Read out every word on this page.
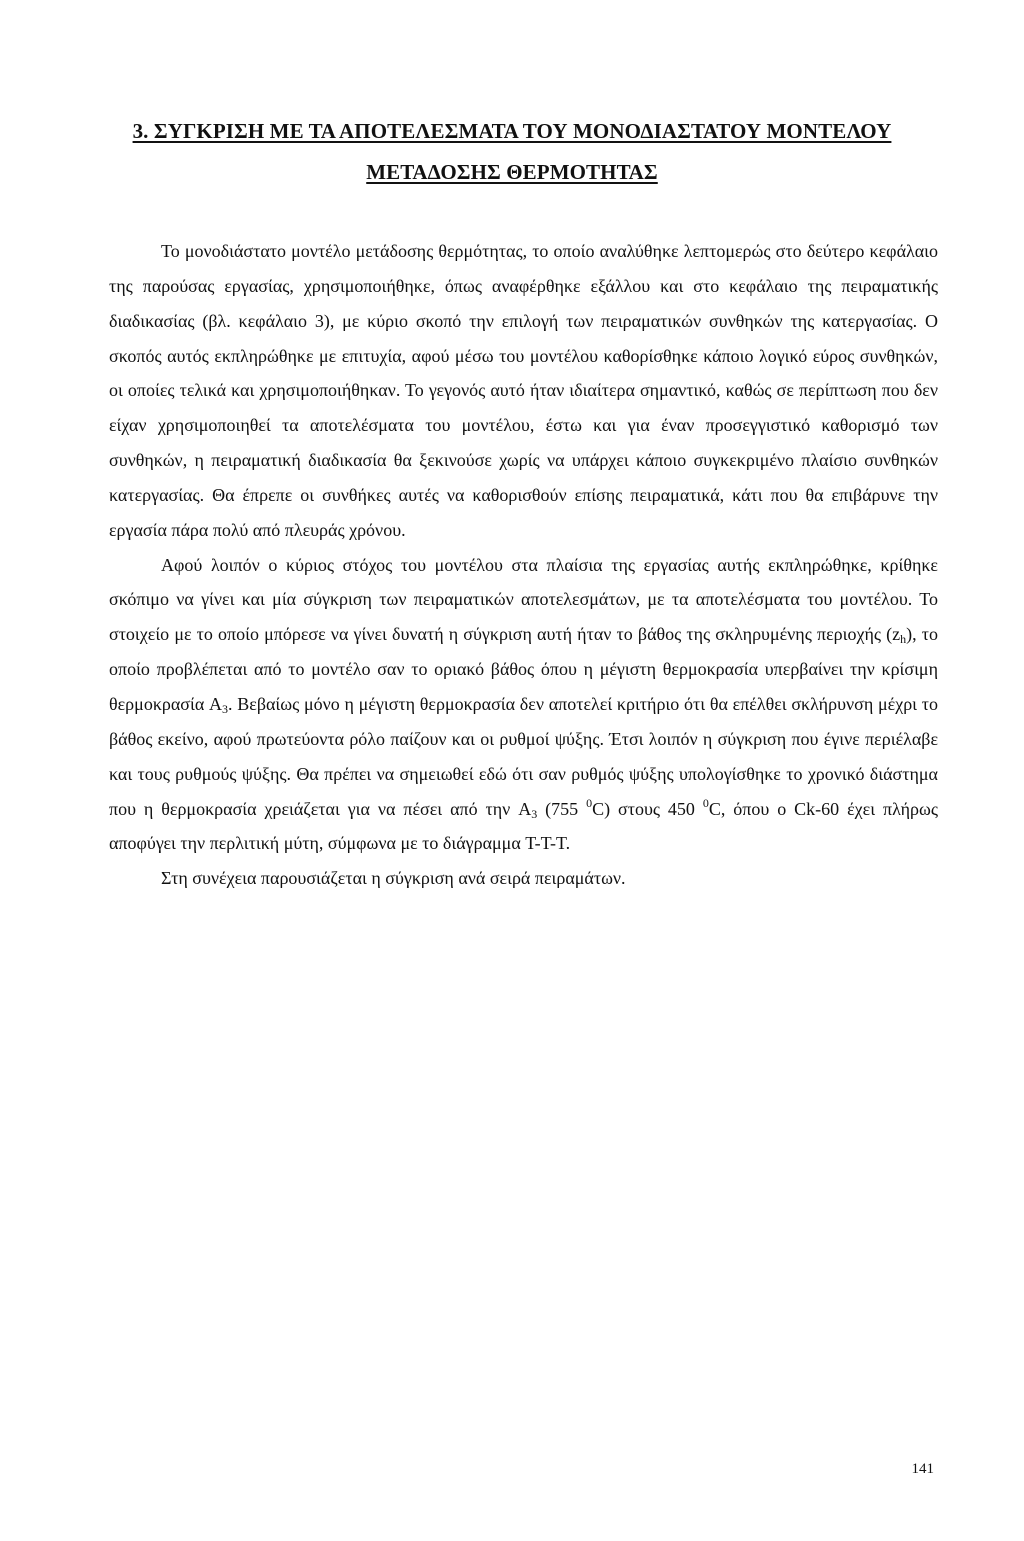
3. ΣΥΓΚΡΙΣΗ ΜΕ ΤΑ ΑΠΟΤΕΛΕΣΜΑΤΑ ΤΟΥ ΜΟΝΟΔΙΑΣΤΑΤΟΥ ΜΟΝΤΕΛΟΥ
ΜΕΤΑΔΟΣΗΣ ΘΕΡΜΟΤΗΤΑΣ

Το μονοδιάστατο μοντέλο μετάδοσης θερμότητας, το οποίο αναλύθηκε λεπτομερώς στο δεύτερο κεφάλαιο της παρούσας εργασίας, χρησιμοποιήθηκε, όπως αναφέρθηκε εξάλλου και στο κεφάλαιο της πειραματικής διαδικασίας (βλ. κεφάλαιο 3), με κύριο σκοπό την επιλογή των πειραματικών συνθηκών της κατεργασίας. Ο σκοπός αυτός εκπληρώθηκε με επιτυχία, αφού μέσω του μοντέλου καθορίσθηκε κάποιο λογικό εύρος συνθηκών, οι οποίες τελικά και χρησιμοποιήθηκαν. Το γεγονός αυτό ήταν ιδιαίτερα σημαντικό, καθώς σε περίπτωση που δεν είχαν χρησιμοποιηθεί τα αποτελέσματα του μοντέλου, έστω και για έναν προσεγγιστικό καθορισμό των συνθηκών, η πειραματική διαδικασία θα ξεκινούσε χωρίς να υπάρχει κάποιο συγκεκριμένο πλαίσιο συνθηκών κατεργασίας. Θα έπρεπε οι συνθήκες αυτές να καθορισθούν επίσης πειραματικά, κάτι που θα επιβάρυνε την εργασία πάρα πολύ από πλευράς χρόνου.

Αφού λοιπόν ο κύριος στόχος του μοντέλου στα πλαίσια της εργασίας αυτής εκπληρώθηκε, κρίθηκε σκόπιμο να γίνει και μία σύγκριση των πειραματικών αποτελεσμάτων, με τα αποτελέσματα του μοντέλου. Το στοιχείο με το οποίο μπόρεσε να γίνει δυνατή η σύγκριση αυτή ήταν το βάθος της σκληρυμένης περιοχής $(z_h)$, το οποίο προβλέπεται από το μοντέλο σαν το οριακό βάθος όπου η μέγιστη θερμοκρασία υπερβαίνει την κρίσιμη θερμοκρασία $A_3$. Βεβαίως μόνο η μέγιστη θερμοκρασία δεν αποτελεί κριτήριο ότι θα επέλθει σκλήρυνση μέχρι το βάθος εκείνο, αφού πρωτεύοντα ρόλο παίζουν και οι ρυθμοί ψύξης. Έτσι λοιπόν η σύγκριση που έγινε περιέλαβε και τους ρυθμούς ψύξης. Θα πρέπει να σημειωθεί εδώ ότι σαν ρυθμός ψύξης υπολογίσθηκε το χρονικό διάστημα που η θερμοκρασία χρειάζεται για να πέσει από την $A_3$ (755 $^0$C) στους 450 $^0$C, όπου ο Ck-60 έχει πλήρως αποφύγει την περλιτική μύτη, σύμφωνα με το διάγραμμα T-T-T.

Στη συνέχεια παρουσιάζεται η σύγκριση ανά σειρά πειραμάτων.

141
